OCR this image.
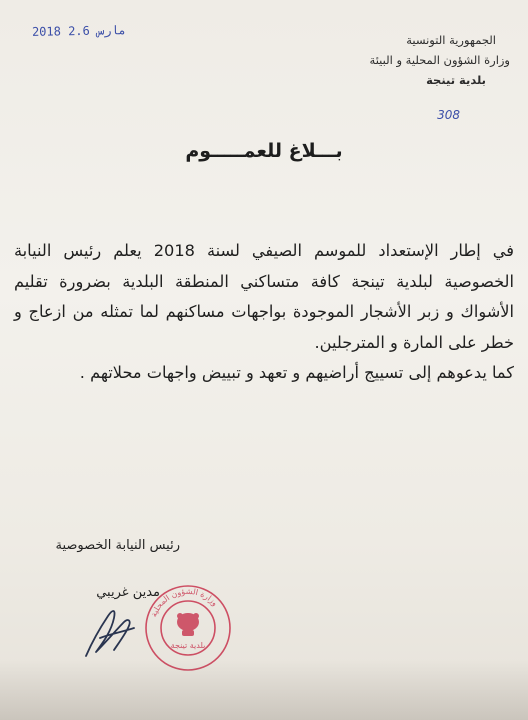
2018 مارس 2.6
الجمهورية التونسية
وزارة الشؤون المحلية و البيئة
بلدية تينجة
308
بـــلاغ للعمـــــوم

في إطار الإستعداد للموسم الصيفي لسنة 2018 يعلم رئيس النيابة الخصوصية لبلدية تينجة كافة متساكني المنطقة البلدية بضرورة تقليم الأشواك و زبر الأشجار الموجودة بواجهات مساكنهم لما تمثله من ازعاج و خطر على المارة و المترجلين.

كما يدعوهم إلى تسييج أراضيهم و تعهد و تبييض واجهات محلاتهم .

رئيس النيابة الخصوصية
مدين غريبي
وزارة الشؤون المحلية
بلدية تينجة
